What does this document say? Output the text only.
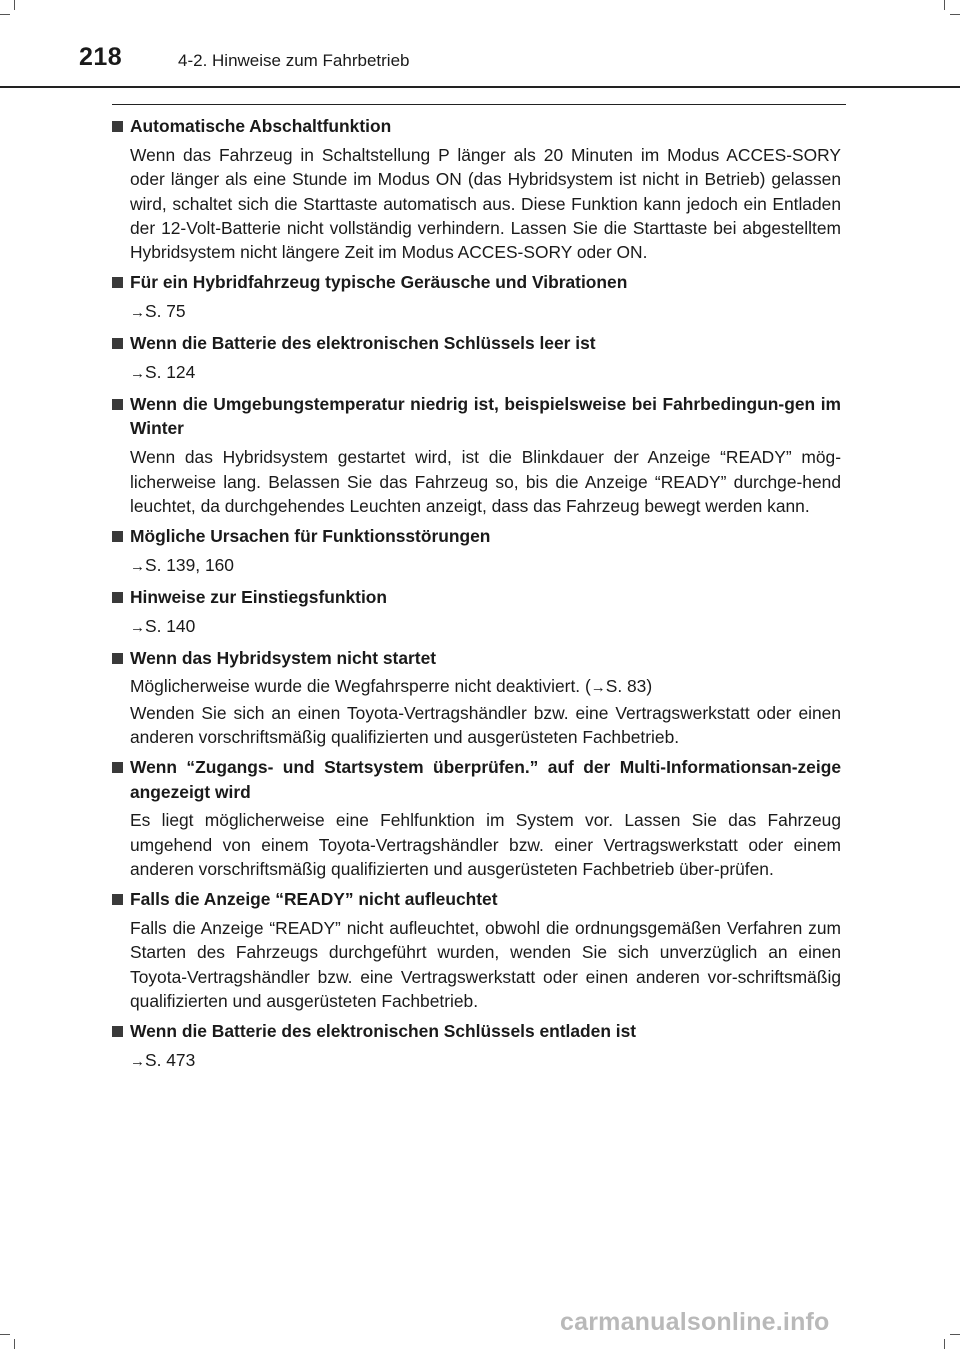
218	4-2. Hinweise zum Fahrbetrieb
Automatische Abschaltfunktion
Wenn das Fahrzeug in Schaltstellung P länger als 20 Minuten im Modus ACCES-SORY oder länger als eine Stunde im Modus ON (das Hybridsystem ist nicht in Betrieb) gelassen wird, schaltet sich die Starttaste automatisch aus. Diese Funktion kann jedoch ein Entladen der 12-Volt-Batterie nicht vollständig verhindern. Lassen Sie die Starttaste bei abgestelltem Hybridsystem nicht längere Zeit im Modus ACCES-SORY oder ON.
Für ein Hybridfahrzeug typische Geräusche und Vibrationen
→S. 75
Wenn die Batterie des elektronischen Schlüssels leer ist
→S. 124
Wenn die Umgebungstemperatur niedrig ist, beispielsweise bei Fahrbedingun-gen im Winter
Wenn das Hybridsystem gestartet wird, ist die Blinkdauer der Anzeige “READY” mög-licherweise lang. Belassen Sie das Fahrzeug so, bis die Anzeige “READY” durchge-hend leuchtet, da durchgehendes Leuchten anzeigt, dass das Fahrzeug bewegt werden kann.
Mögliche Ursachen für Funktionsstörungen
→S. 139, 160
Hinweise zur Einstiegsfunktion
→S. 140
Wenn das Hybridsystem nicht startet

Möglicherweise wurde die Wegfahrsperre nicht deaktiviert. (→S. 83)

Wenden Sie sich an einen Toyota-Vertragshändler bzw. eine Vertragswerkstatt oder einen anderen vorschriftsmäßig qualifizierten und ausgerüsteten Fachbetrieb.

Wenn “Zugangs- und Startsystem überprüfen.” auf der Multi-Informationsan-zeige angezeigt wird
Es liegt möglicherweise eine Fehlfunktion im System vor. Lassen Sie das Fahrzeug umgehend von einem Toyota-Vertragshändler bzw. einer Vertragswerkstatt oder einem anderen vorschriftsmäßig qualifizierten und ausgerüsteten Fachbetrieb über-prüfen.
Falls die Anzeige “READY” nicht aufleuchtet
Falls die Anzeige “READY” nicht aufleuchtet, obwohl die ordnungsgemäßen Verfahren zum Starten des Fahrzeugs durchgeführt wurden, wenden Sie sich unverzüglich an einen Toyota-Vertragshändler bzw. eine Vertragswerkstatt oder einen anderen vor-schriftsmäßig qualifizierten und ausgerüsteten Fachbetrieb.
Wenn die Batterie des elektronischen Schlüssels entladen ist
→S. 473
carmanualsonline.info
